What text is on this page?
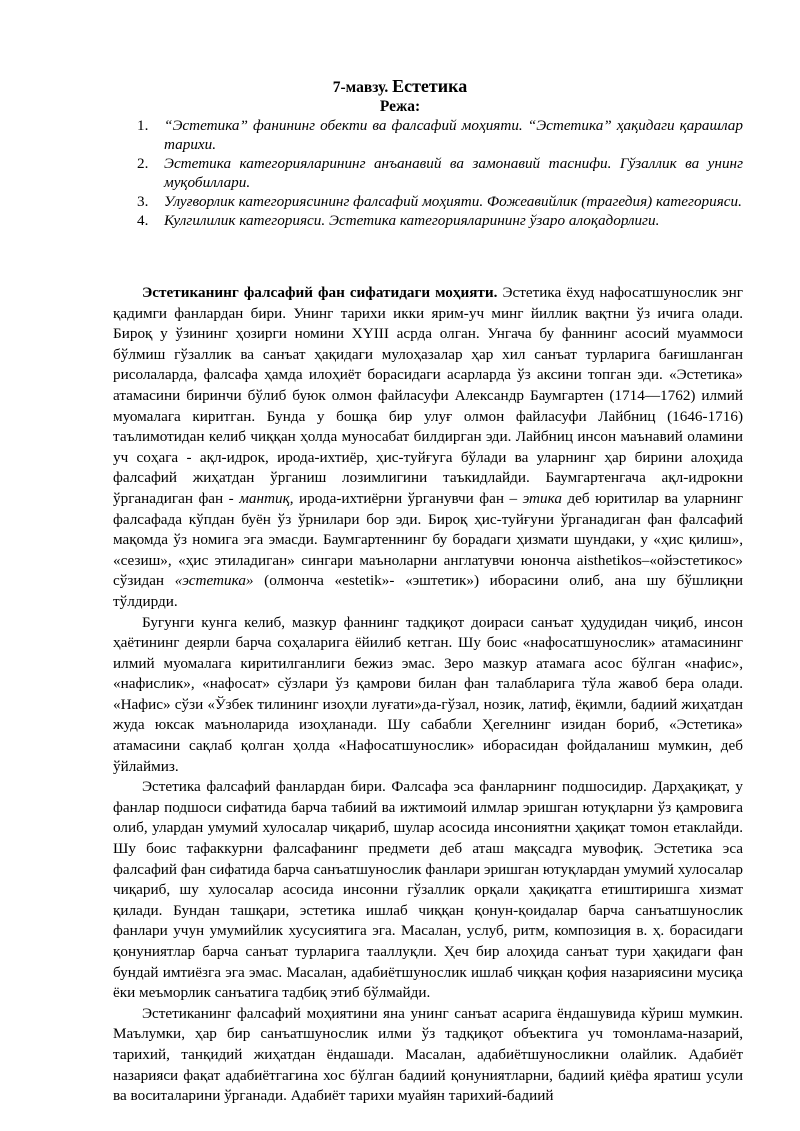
7-мавзу. Естетика
Режа:
1. “Эстетика” фанининг обекти ва фалсафий моҳияти. “Эстетика” ҳақидаги қарашлар тарихи.
2. Эстетика категорияларининг анъанавий ва замонавий таснифи. Гўзаллик ва унинг муқобиллари.
3. Улуғворлик категориясининг фалсафий моҳияти. Фожеавийлик (трагедия) категорияси.
4. Кулгилилик категорияси. Эстетика категорияларининг ўзаро алоқадорлиги.

Эстетиканинг фалсафий фан сифатидаги моҳияти. Эстетика ёхуд нафосатшунослик энг қадимги фанлардан бири. Унинг тарихи икки ярим-уч минг йиллик вақтни ўз ичига олади. Бироқ у ўзининг ҳозирги номини XYIII асрда олган. Унгача бу фаннинг асосий муаммоси бўлмиш гўзаллик ва санъат ҳақидаги мулоҳазалар ҳар хил санъат турларига бағишланган рисолаларда, фалсафа ҳамда илоҳиёт борасидаги асарларда ўз аксини топган эди. «Эстетика» атамасини биринчи бўлиб буюк олмон файласуфи Александр Баумгартен (1714—1762) илмий муомалага киритган. Бунда у бошқа бир улуғ олмон файласуфи Лайбниц (1646-1716) таълимотидан келиб чиққан ҳолда муносабат билдирган эди. Лайбниц инсон маънавий оламини уч соҳага - ақл-идрок, ирода-ихтиёр, ҳис-туйғуга бўлади ва уларнинг ҳар бирини алоҳида фалсафий жиҳатдан ўрганиш лозимлигини таъкидлайди. Баумгартенгача ақл-идрокни ўрганадиган фан - мантиқ, ирода-ихтиёрни ўрганувчи фан – этика деб юритилар ва уларнинг фалсафада кўпдан буён ўз ўрнилари бор эди. Бироқ ҳис-туйғуни ўрганадиган фан фалсафий мақомда ўз номига эга эмасди. Баумгартеннинг бу борадаги ҳизмати шундаки, у «ҳис қилиш», «сезиш», «ҳис этиладиган» сингари маъноларни англатувчи юнонча aisthetikos–«ойэстетикос» сўзидан «эстетика» (олмонча «estetik»- «эштетик») иборасини олиб, ана шу бўшлиқни тўлдирди.

Бугунги кунга келиб, мазкур фаннинг тадқиқот доираси санъат ҳудудидан чиқиб, инсон ҳаётининг деярли барча соҳаларига ёйилиб кетган. Шу боис «нафосатшунослик» атамасининг илмий муомалага киритилганлиги бежиз эмас. Зеро мазкур атамага асос бўлган «нафис», «нафислик», «нафосат» сўзлари ўз қамрови билан фан талабларига тўла жавоб бера олади. «Нафис» сўзи «Ўзбек тилининг изоҳли луғати»да-гўзал, нозик, латиф, ёқимли, бадиий жиҳатдан жуда юксак маъноларида изоҳланади. Шу сабабли Ҳегелнинг изидан бориб, «Эстетика» атамасини сақлаб қолган ҳолда «Нафосатшунослик» иборасидан фойдаланиш мумкин, деб ўйлаймиз.

Эстетика фалсафий фанлардан бири. Фалсафа эса фанларнинг подшосидир. Дарҳақиқат, у фанлар подшоси сифатида барча табиий ва ижтимоий илмлар эришган ютуқларни ўз қамровига олиб, улардан умумий хулосалар чиқариб, шулар асосида инсониятни ҳақиқат томон етаклайди. Шу боис тафаккурни фалсафанинг предмети деб аташ мақсадга мувофиқ. Эстетика эса фалсафий фан сифатида барча санъатшунослик фанлари эришган ютуқлардан умумий хулосалар чиқариб, шу хулосалар асосида инсонни гўзаллик орқали ҳақиқатга етиштиришга хизмат қилади. Бундан ташқари, эстетика ишлаб чиққан қонун-қоидалар барча санъатшунослик фанлари учун умумийлик хусусиятига эга. Масалан, услуб, ритм, композиция в. ҳ. борасидаги қонуниятлар барча санъат турларига тааллуқли. Ҳеч бир алоҳида санъат тури ҳақидаги фан бундай имтиёзга эга эмас. Масалан, адабиётшунослик ишлаб чиққан қофия назариясини мусиқа ёки меъморлик санъатига тадбиқ этиб бўлмайди.

Эстетиканинг фалсафий моҳиятини яна унинг санъат асарига ёндашувида кўриш мумкин. Маълумки, ҳар бир санъатшунослик илми ўз тадқиқот объектига уч томонлама-назарий, тарихий, танқидий жиҳатдан ёндашади. Масалан, адабиётшуносликни олайлик. Адабиёт назарияси фақат адабиётгагина хос бўлган бадиий қонуниятларни, бадиий қиёфа яратиш усули ва воситаларини ўрганади. Адабиёт тарихи муайян тарихий-бадиий
